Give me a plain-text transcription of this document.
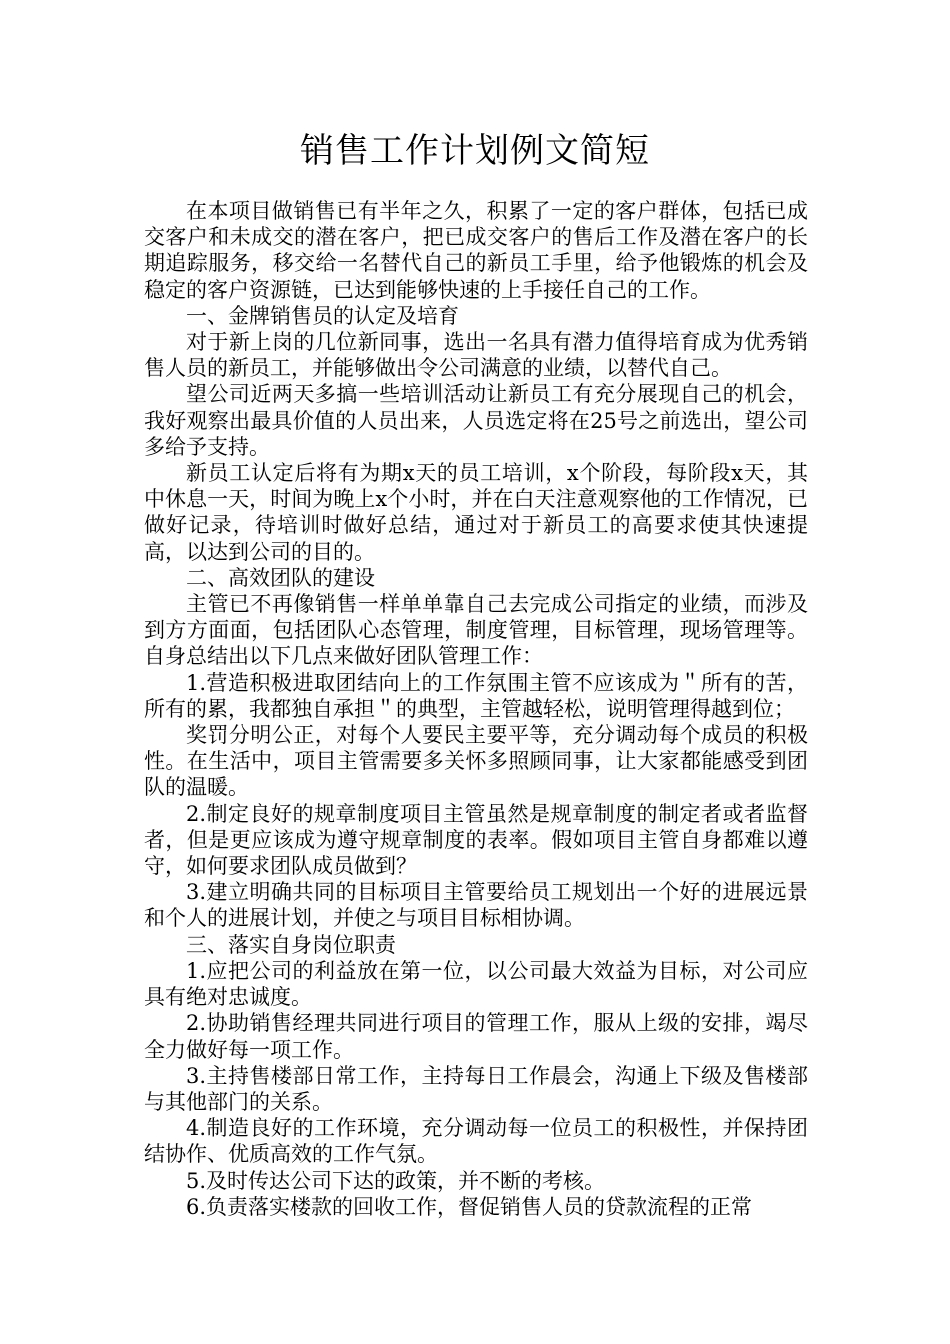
销售工作计划例文简短

在本项目做销售已有半年之久，积累了一定的客户群体，包括已成交客户和未成交的潜在客户，把已成交客户的售后工作及潜在客户的长期追踪服务，移交给一名替代自己的新员工手里，给予他锻炼的机会及稳定的客户资源链，已达到能够快速的上手接任自己的工作。

一、金牌销售员的认定及培育

对于新上岗的几位新同事，选出一名具有潜力值得培育成为优秀销售人员的新员工，并能够做出令公司满意的业绩，以替代自己。

望公司近两天多搞一些培训活动让新员工有充分展现自己的机会，我好观察出最具价值的人员出来，人员选定将在25号之前选出，望公司多给予支持。

新员工认定后将有为期x天的员工培训，x个阶段，每阶段x天，其中休息一天，时间为晚上x个小时，并在白天注意观察他的工作情况，已做好记录，待培训时做好总结，通过对于新员工的高要求使其快速提高，以达到公司的目的。

二、高效团队的建设

主管已不再像销售一样单单靠自己去完成公司指定的业绩，而涉及到方方面面，包括团队心态管理，制度管理，目标管理，现场管理等。自身总结出以下几点来做好团队管理工作：

1.营造积极进取团结向上的工作氛围主管不应该成为＂所有的苦，所有的累，我都独自承担＂的典型，主管越轻松，说明管理得越到位；

奖罚分明公正，对每个人要民主要平等，充分调动每个成员的积极性。在生活中，项目主管需要多关怀多照顾同事，让大家都能感受到团队的温暖。

2.制定良好的规章制度项目主管虽然是规章制度的制定者或者监督者，但是更应该成为遵守规章制度的表率。假如项目主管自身都难以遵守，如何要求团队成员做到？

3.建立明确共同的目标项目主管要给员工规划出一个好的进展远景和个人的进展计划，并使之与项目目标相协调。

三、落实自身岗位职责

1.应把公司的利益放在第一位，以公司最大效益为目标，对公司应具有绝对忠诚度。

2.协助销售经理共同进行项目的管理工作，服从上级的安排，竭尽全力做好每一项工作。

3.主持售楼部日常工作，主持每日工作晨会，沟通上下级及售楼部与其他部门的关系。

4.制造良好的工作环境，充分调动每一位员工的积极性，并保持团结协作、优质高效的工作气氛。

5.及时传达公司下达的政策，并不断的考核。

6.负责落实楼款的回收工作，督促销售人员的贷款流程的正常
